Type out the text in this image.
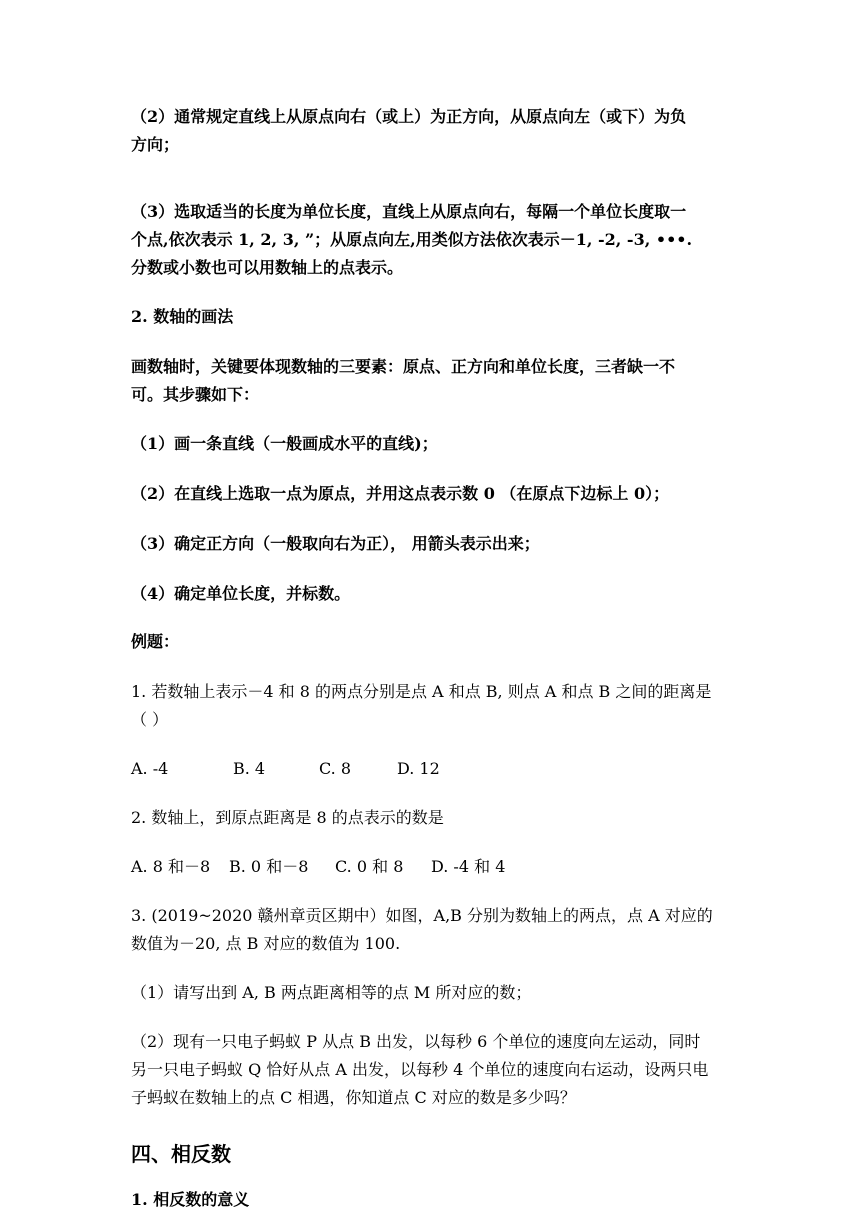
（2）通常规定直线上从原点向右（或上）为正方向，从原点向左（或下）为负
方向；
（3）选取适当的长度为单位长度，直线上从原点向右，每隔一个单位长度取一
个点,依次表示 1, 2, 3, ”；从原点向左,用类似方法依次表示－1, -2, -3, •••.
分数或小数也可以用数轴上的点表示。
2. 数轴的画法
画数轴时，关键要体现数轴的三要素：原点、正方向和单位长度，三者缺一不
可。其步骤如下：
（1）画一条直线（一般画成水平的直线)；
（2）在直线上选取一点为原点，并用这点表示数 0 （在原点下边标上 0）；
（3）确定正方向（一般取向右为正）， 用箭头表示出来；
（4）确定单位长度，并标数。
例题：
1. 若数轴上表示－4 和 8 的两点分别是点 A 和点 B, 则点 A 和点 B 之间的距离是
（ ）
A. -4	B. 4	C. 8	D. 12
2. 数轴上，到原点距离是 8 的点表示的数是
A. 8 和－8 B. 0 和－8 C. 0 和 8 D. -4 和 4
3. (2019~2020 赣州章贡区期中）如图，A,B 分别为数轴上的两点，点 A 对应的
数值为－20, 点 B 对应的数值为 100.
（1）请写出到 A, B 两点距离相等的点 M 所对应的数；
（2）现有一只电子蚂蚁 P 从点 B 出发，以每秒 6 个单位的速度向左运动，同时
另一只电子蚂蚁 Q 恰好从点 A 出发，以每秒 4 个单位的速度向右运动，设两只电
子蚂蚁在数轴上的点 C 相遇，你知道点 C 对应的数是多少吗？
四、相反数
1. 相反数的意义
